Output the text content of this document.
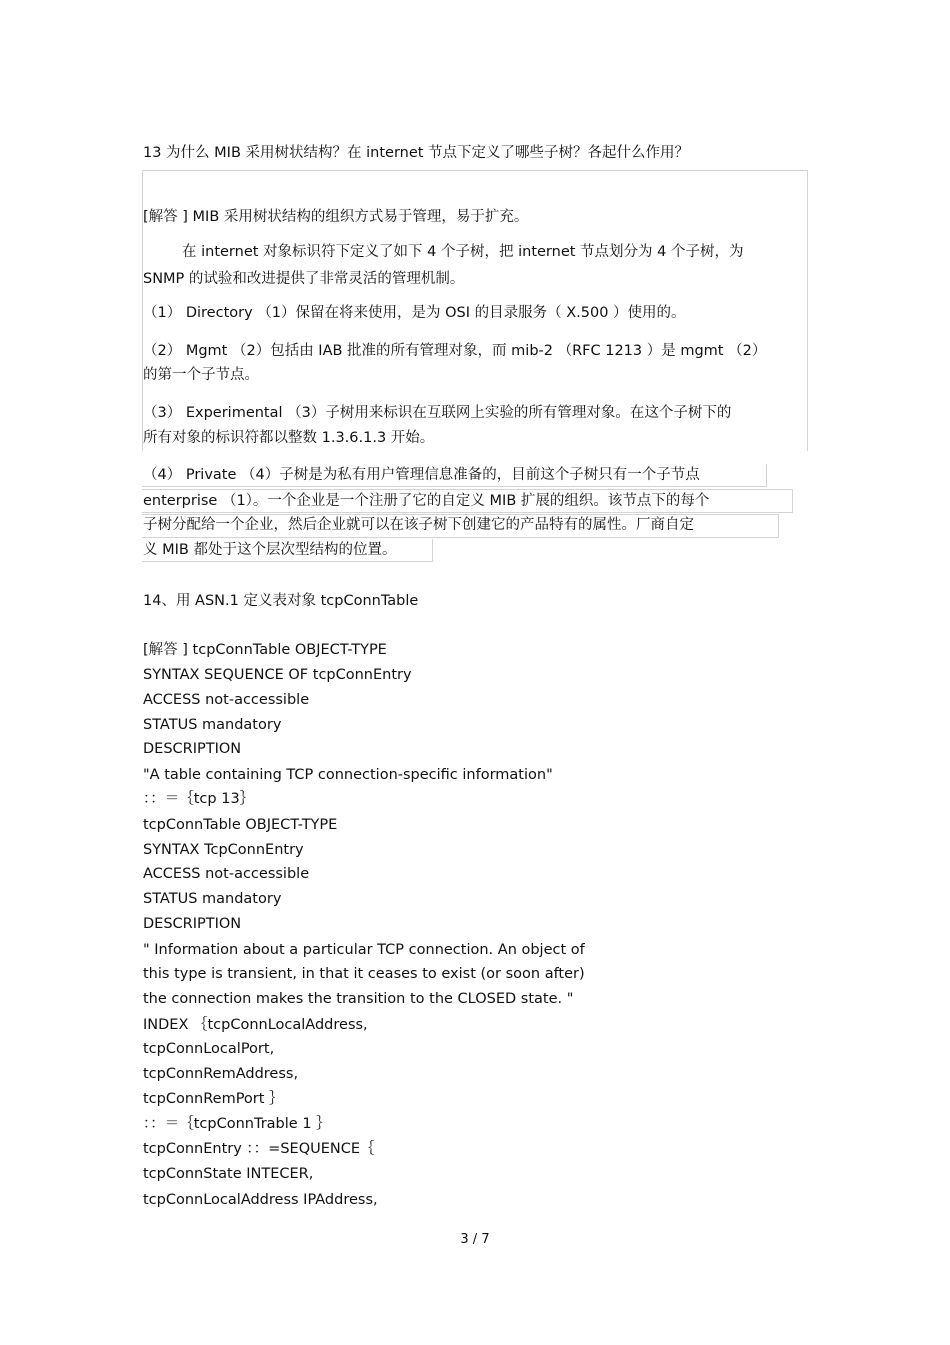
13 为什么 MIB 采用树状结构？在 internet 节点下定义了哪些子树？各起什么作用？
[解答 ] MIB 采用树状结构的组织方式易于管理，易于扩充。
在 internet 对象标识符下定义了如下 4 个子树，把 internet 节点划分为 4 个子树，为
SNMP 的试验和改进提供了非常灵活的管理机制。
（1） Directory （1）保留在将来使用，是为 OSI 的目录服务（ X.500 ）使用的。
（2） Mgmt （2）包括由 IAB 批准的所有管理对象，而 mib-2 （RFC 1213 ）是 mgmt （2）
的第一个子节点。
（3） Experimental （3）子树用来标识在互联网上实验的所有管理对象。在这个子树下的
所有对象的标识符都以整数 1.3.6.1.3 开始。
（4） Private （4）子树是为私有用户管理信息准备的，目前这个子树只有一个子节点
enterprise （1）。一个企业是一个注册了它的自定义 MIB 扩展的组织。该节点下的每个
子树分配给一个企业，然后企业就可以在该子树下创建它的产品特有的属性。厂商自定
义 MIB 都处于这个层次型结构的位置。
14、用 ASN.1 定义表对象 tcpConnTable
[解答 ] tcpConnTable OBJECT-TYPE
SYNTAX SEQUENCE OF tcpConnEntry
ACCESS not-accessible
STATUS mandatory
DESCRIPTION
"A table containing TCP connection-specific information"
：：＝｛tcp 13｝
tcpConnTable OBJECT-TYPE
SYNTAX TcpConnEntry
ACCESS not-accessible
STATUS mandatory
DESCRIPTION
" Information about a particular TCP connection. An object of
this type is transient, in that it ceases to exist (or soon after)
the connection makes the transition to the CLOSED state. "
INDEX ｛tcpConnLocalAddress,
tcpConnLocalPort,
tcpConnRemAddress,
tcpConnRemPort ｝
：：＝｛tcpConnTrable 1 ｝
tcpConnEntry ：：=SEQUENCE｛
tcpConnState INTECER,
tcpConnLocalAddress IPAddress,
3 / 7
